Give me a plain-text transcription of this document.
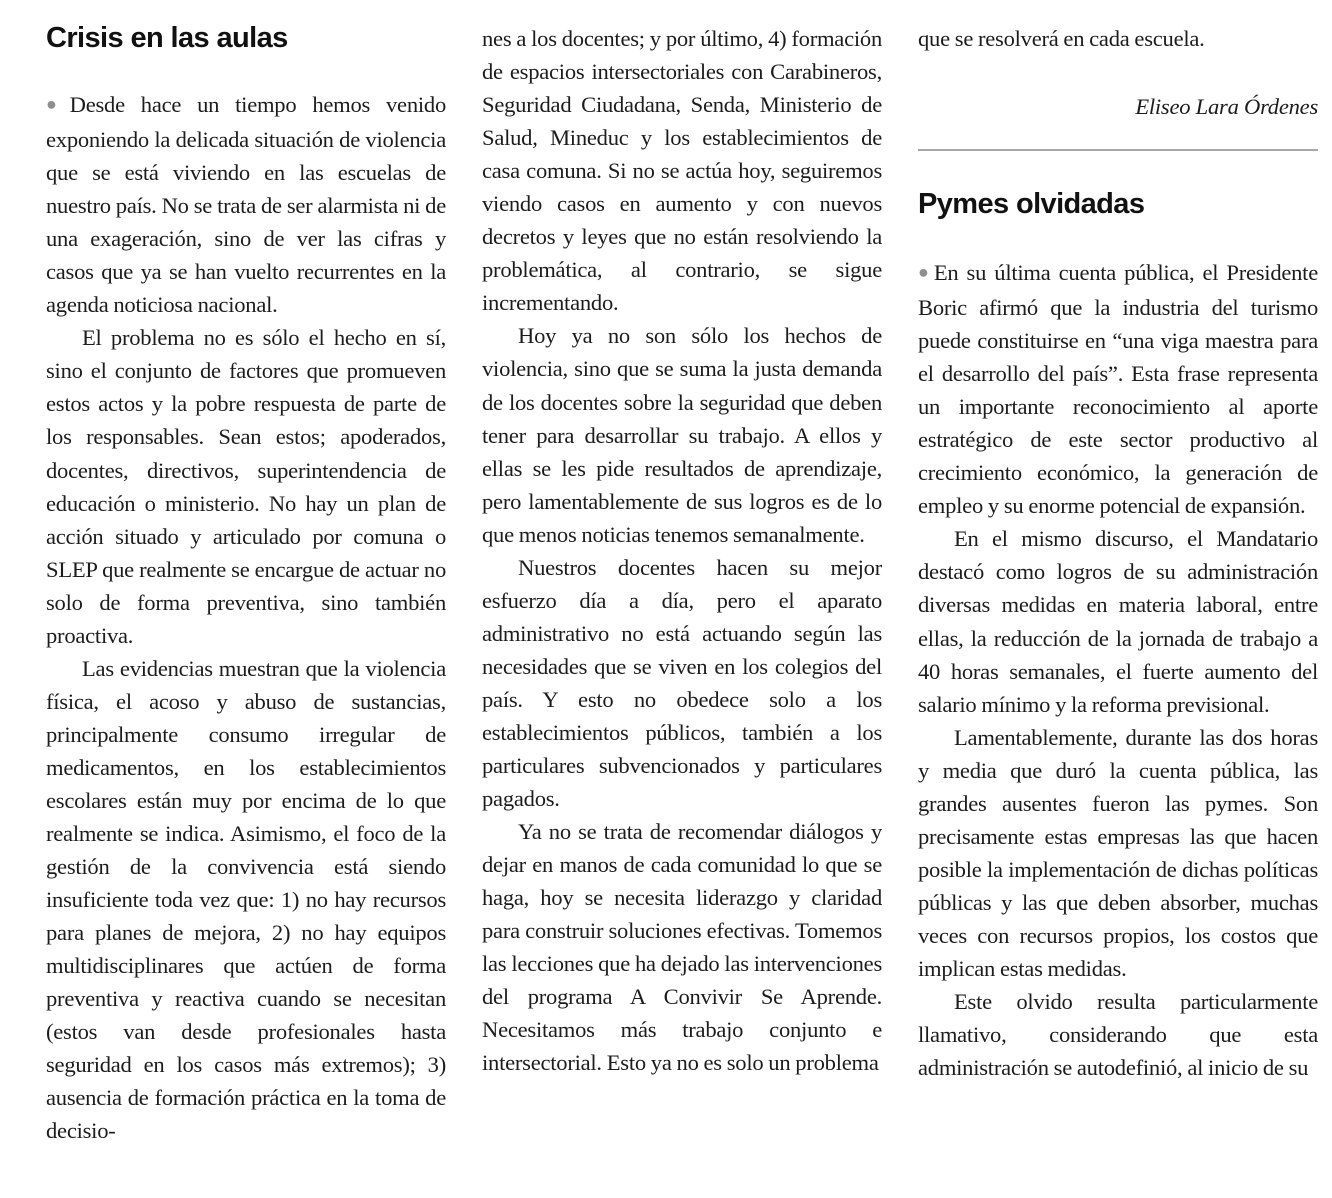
Crisis en las aulas

●Desde hace un tiempo hemos venido exponiendo la delicada situación de violencia que se está viviendo en las escuelas de nuestro país. No se trata de ser alarmista ni de una exageración, sino de ver las cifras y casos que ya se han vuelto recurrentes en la agenda noticiosa nacional.

El problema no es sólo el hecho en sí, sino el conjunto de factores que promueven estos actos y la pobre respuesta de parte de los responsables. Sean estos; apoderados, docentes, directivos, superintendencia de educación o ministerio. No hay un plan de acción situado y articulado por comuna o SLEP que realmente se encargue de actuar no solo de forma preventiva, sino también proactiva.

Las evidencias muestran que la violencia física, el acoso y abuso de sustancias, principalmente consumo irregular de medicamentos, en los establecimientos escolares están muy por encima de lo que realmente se indica. Asimismo, el foco de la gestión de la convivencia está siendo insuficiente toda vez que: 1) no hay recursos para planes de mejora, 2) no hay equipos multidisciplinares que actúen de forma preventiva y reactiva cuando se necesitan (estos van desde profesionales hasta seguridad en los casos más extremos); 3) ausencia de formación práctica en la toma de decisio-

nes a los docentes; y por último, 4) formación de espacios intersectoriales con Carabineros, Seguridad Ciudadana, Senda, Ministerio de Salud, Mineduc y los establecimientos de casa comuna. Si no se actúa hoy, seguiremos viendo casos en aumento y con nuevos decretos y leyes que no están resolviendo la problemática, al contrario, se sigue incrementando.

Hoy ya no son sólo los hechos de violencia, sino que se suma la justa demanda de los docentes sobre la seguridad que deben tener para desarrollar su trabajo. A ellos y ellas se les pide resultados de aprendizaje, pero lamentablemente de sus logros es de lo que menos noticias tenemos semanalmente.

Nuestros docentes hacen su mejor esfuerzo día a día, pero el aparato administrativo no está actuando según las necesidades que se viven en los colegios del país. Y esto no obedece solo a los establecimientos públicos, también a los particulares subvencionados y particulares pagados.

Ya no se trata de recomendar diálogos y dejar en manos de cada comunidad lo que se haga, hoy se necesita liderazgo y claridad para construir soluciones efectivas. Tomemos las lecciones que ha dejado las intervenciones del programa A Convivir Se Aprende. Necesitamos más trabajo conjunto e intersectorial. Esto ya no es solo un problema

que se resolverá en cada escuela.

Eliseo Lara Órdenes
Pymes olvidadas

●En su última cuenta pública, el Presidente Boric afirmó que la industria del turismo puede constituirse en “una viga maestra para el desarrollo del país”. Esta frase representa un importante reconocimiento al aporte estratégico de este sector productivo al crecimiento económico, la generación de empleo y su enorme potencial de expansión.

En el mismo discurso, el Mandatario destacó como logros de su administración diversas medidas en materia laboral, entre ellas, la reducción de la jornada de trabajo a 40 horas semanales, el fuerte aumento del salario mínimo y la reforma previsional.

Lamentablemente, durante las dos horas y media que duró la cuenta pública, las grandes ausentes fueron las pymes. Son precisamente estas empresas las que hacen posible la implementación de dichas políticas públicas y las que deben absorber, muchas veces con recursos propios, los costos que implican estas medidas.

Este olvido resulta particularmente llamativo, considerando que esta administración se autodefinió, al inicio de su
